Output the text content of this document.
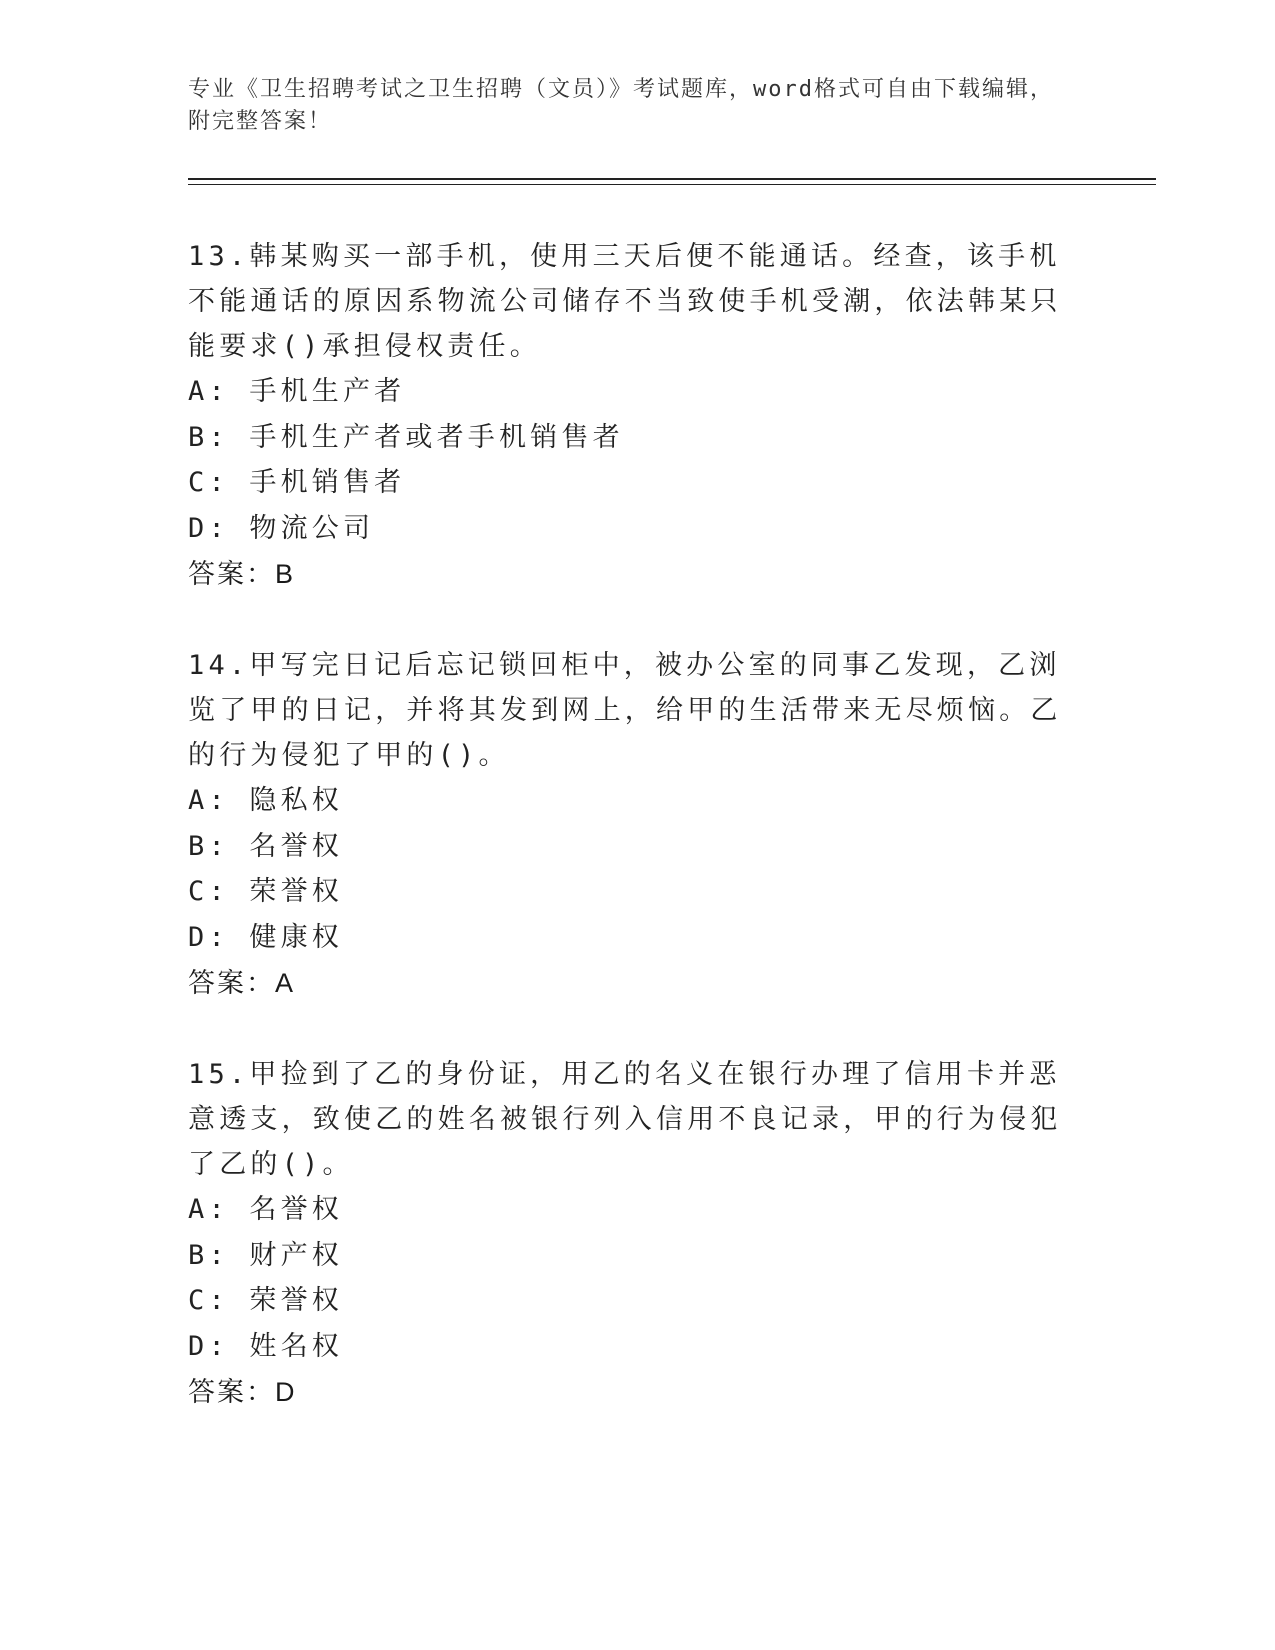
专业《卫生招聘考试之卫生招聘（文员）》考试题库，word格式可自由下载编辑，附完整答案！

13.韩某购买一部手机，使用三天后便不能通话。经查，该手机不能通话的原因系物流公司储存不当致使手机受潮，依法韩某只能要求()承担侵权责任。

A: 手机生产者

B: 手机生产者或者手机销售者

C: 手机销售者

D: 物流公司

答案：B

14.甲写完日记后忘记锁回柜中，被办公室的同事乙发现，乙浏览了甲的日记，并将其发到网上，给甲的生活带来无尽烦恼。乙的行为侵犯了甲的()。

A: 隐私权

B: 名誉权

C: 荣誉权

D: 健康权

答案：A

15.甲捡到了乙的身份证，用乙的名义在银行办理了信用卡并恶意透支，致使乙的姓名被银行列入信用不良记录，甲的行为侵犯了乙的()。

A: 名誉权

B: 财产权

C: 荣誉权

D: 姓名权

答案：D
